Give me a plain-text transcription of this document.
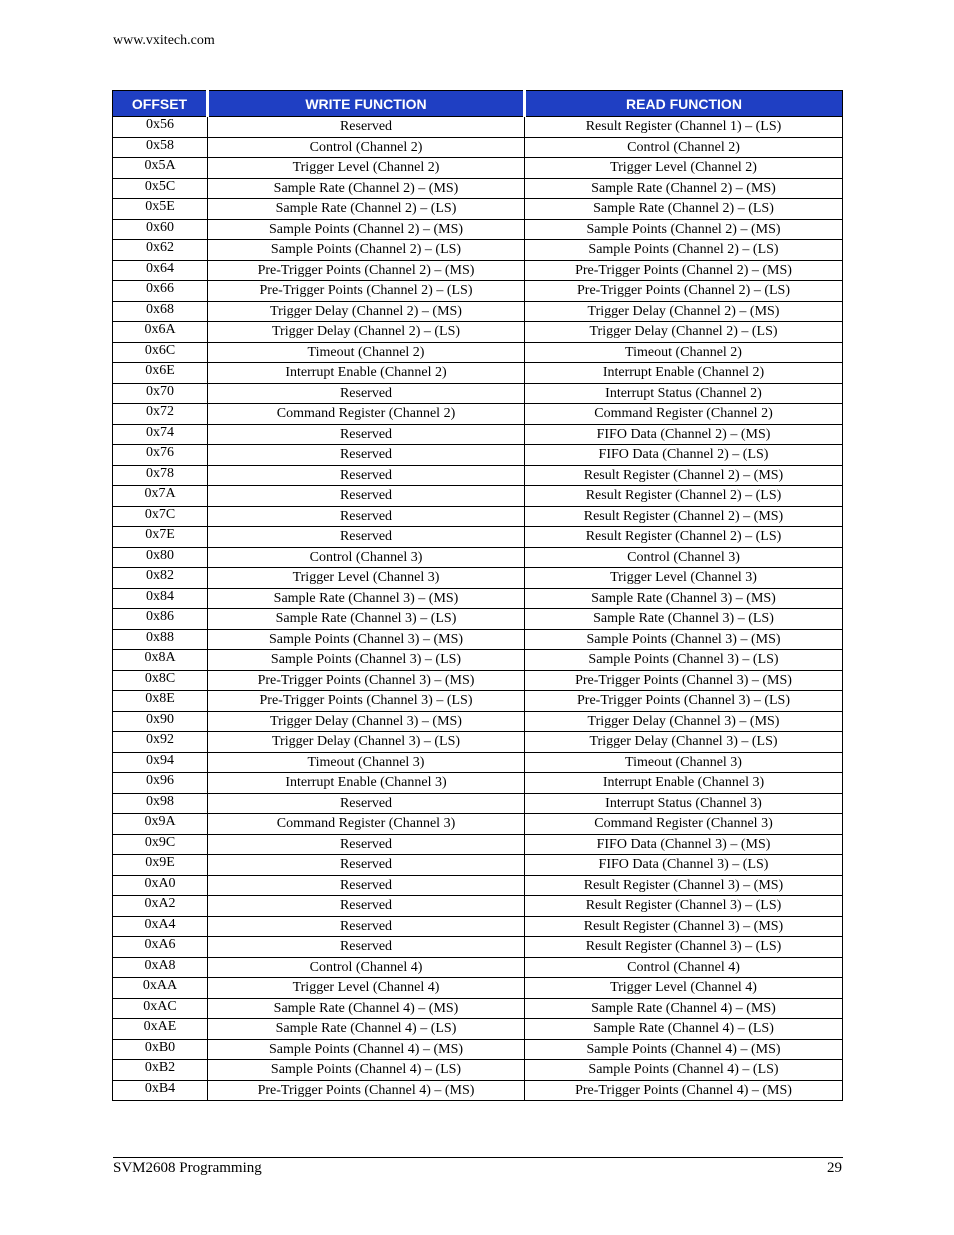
www.vxitech.com
OFFSET	WRITE FUNCTION	READ FUNCTION
0x56	Reserved	Result Register (Channel 1) – (LS)
0x58	Control (Channel 2)	Control (Channel 2)
0x5A	Trigger Level (Channel 2)	Trigger Level (Channel 2)
0x5C	Sample Rate (Channel 2) – (MS)	Sample Rate (Channel 2) – (MS)
0x5E	Sample Rate (Channel 2) – (LS)	Sample Rate (Channel 2) – (LS)
0x60	Sample Points (Channel 2) – (MS)	Sample Points (Channel 2) – (MS)
0x62	Sample Points (Channel 2) – (LS)	Sample Points (Channel 2) – (LS)
0x64	Pre-Trigger Points (Channel 2) – (MS)	Pre-Trigger Points (Channel 2) – (MS)
0x66	Pre-Trigger Points (Channel 2) – (LS)	Pre-Trigger Points (Channel 2) – (LS)
0x68	Trigger Delay (Channel 2) – (MS)	Trigger Delay (Channel 2) – (MS)
0x6A	Trigger Delay (Channel 2) – (LS)	Trigger Delay (Channel 2) – (LS)
0x6C	Timeout (Channel 2)	Timeout (Channel 2)
0x6E	Interrupt Enable (Channel 2)	Interrupt Enable (Channel 2)
0x70	Reserved	Interrupt Status (Channel 2)
0x72	Command Register (Channel 2)	Command Register (Channel 2)
0x74	Reserved	FIFO Data (Channel 2) – (MS)
0x76	Reserved	FIFO Data (Channel 2) – (LS)
0x78	Reserved	Result Register (Channel 2) – (MS)
0x7A	Reserved	Result Register (Channel 2) – (LS)
0x7C	Reserved	Result Register (Channel 2) – (MS)
0x7E	Reserved	Result Register (Channel 2) – (LS)
0x80	Control (Channel 3)	Control (Channel 3)
0x82	Trigger Level (Channel 3)	Trigger Level (Channel 3)
0x84	Sample Rate (Channel 3) – (MS)	Sample Rate (Channel 3) – (MS)
0x86	Sample Rate (Channel 3) – (LS)	Sample Rate (Channel 3) – (LS)
0x88	Sample Points (Channel 3) – (MS)	Sample Points (Channel 3) – (MS)
0x8A	Sample Points (Channel 3) – (LS)	Sample Points (Channel 3) – (LS)
0x8C	Pre-Trigger Points (Channel 3) – (MS)	Pre-Trigger Points (Channel 3) – (MS)
0x8E	Pre-Trigger Points (Channel 3) – (LS)	Pre-Trigger Points (Channel 3) – (LS)
0x90	Trigger Delay (Channel 3) – (MS)	Trigger Delay (Channel 3) – (MS)
0x92	Trigger Delay (Channel 3) – (LS)	Trigger Delay (Channel 3) – (LS)
0x94	Timeout (Channel 3)	Timeout (Channel 3)
0x96	Interrupt Enable (Channel 3)	Interrupt Enable (Channel 3)
0x98	Reserved	Interrupt Status (Channel 3)
0x9A	Command Register (Channel 3)	Command Register (Channel 3)
0x9C	Reserved	FIFO Data (Channel 3) – (MS)
0x9E	Reserved	FIFO Data (Channel 3) – (LS)
0xA0	Reserved	Result Register (Channel 3) – (MS)
0xA2	Reserved	Result Register (Channel 3) – (LS)
0xA4	Reserved	Result Register (Channel 3) – (MS)
0xA6	Reserved	Result Register (Channel 3) – (LS)
0xA8	Control (Channel 4)	Control (Channel 4)
0xAA	Trigger Level (Channel 4)	Trigger Level (Channel 4)
0xAC	Sample Rate (Channel 4) – (MS)	Sample Rate (Channel 4) – (MS)
0xAE	Sample Rate (Channel 4) – (LS)	Sample Rate (Channel 4) – (LS)
0xB0	Sample Points (Channel 4) – (MS)	Sample Points (Channel 4) – (MS)
0xB2	Sample Points (Channel 4) – (LS)	Sample Points (Channel 4) – (LS)
0xB4	Pre-Trigger Points (Channel 4) – (MS)	Pre-Trigger Points (Channel 4) – (MS)
SVM2608 Programming	29
